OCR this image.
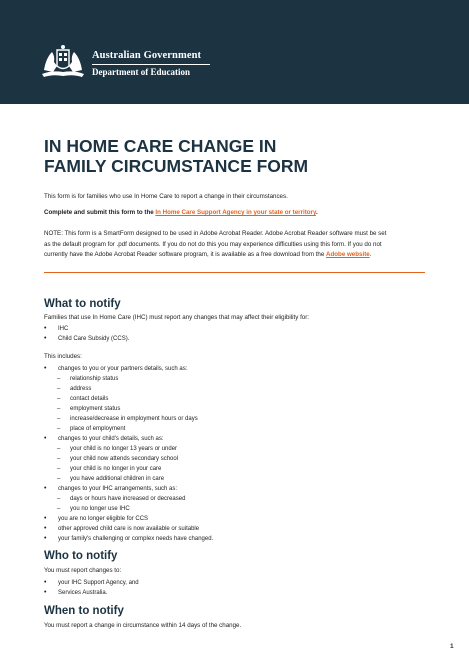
Australian Government
Department of Education
IN HOME CARE CHANGE IN
FAMILY CIRCUMSTANCE FORM

This form is for families who use In Home Care to report a change in their circumstances.

Complete and submit this form to the In Home Care Support Agency in your state or territory.

NOTE: This form is a SmartForm designed to be used in Adobe Acrobat Reader. Adobe Acrobat Reader software must be set
as the default program for .pdf documents. If you do not do this you may experience difficulties using this form. If you do not
currently have the Adobe Acrobat Reader software program, it is available as a free download from the Adobe website.

What to notify

Families that use In Home Care (IHC) must report any changes that may affect their eligibility for:

• IHC
• Child Care Subsidy (CCS).

This includes:

• changes to you or your partners details, such as:
– relationship status
– address
– contact details
– employment status
– increase/decrease in employment hours or days
– place of employment
• changes to your child's details, such as:
– your child is no longer 13 years or under
– your child now attends secondary school
– your child is no longer in your care
– you have additional children in care
• changes to your IHC arrangements, such as:
– days or hours have increased or decreased
– you no longer use IHC
• you are no longer eligible for CCS
• other approved child care is now available or suitable
• your family's challenging or complex needs have changed.
Who to notify

You must report changes to:

• your IHC Support Agency, and
• Services Australia.
When to notify

You must report a change in circumstance within 14 days of the change.

1
